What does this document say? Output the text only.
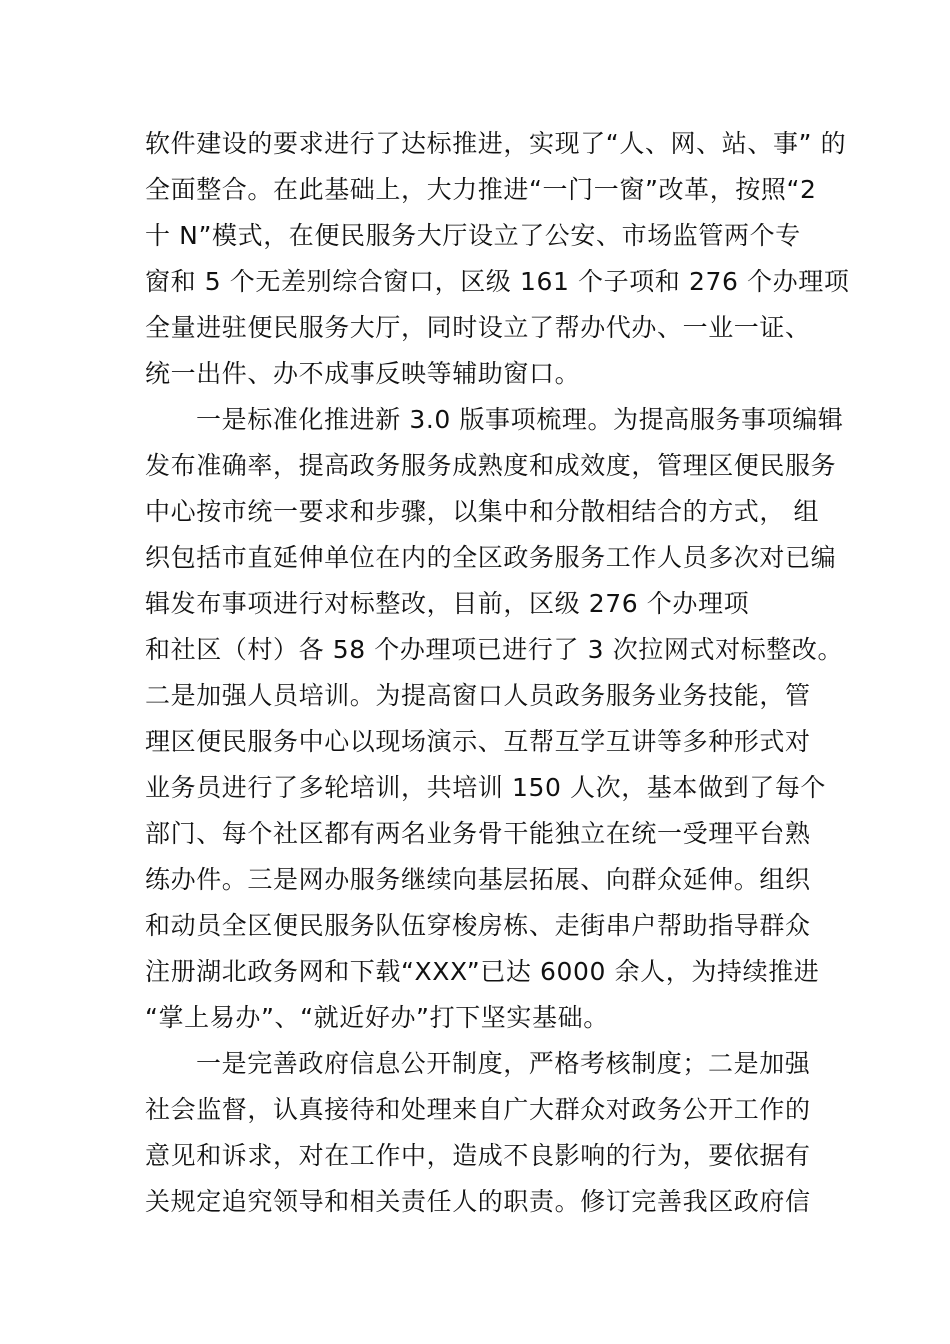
软件建设的要求进行了达标推进，实现了“人、网、站、事” 的
全面整合。在此基础上，大力推进“一门一窗”改革，按照“2
十 N”模式，在便民服务大厅设立了公安、市场监管两个专
窗和 5 个无差别综合窗口，区级 161 个子项和 276 个办理项
全量进驻便民服务大厅，同时设立了帮办代办、一业一证、
统一出件、办不成事反映等辅助窗口。
一是标准化推进新 3.0 版事项梳理。为提高服务事项编辑
发布准确率，提高政务服务成熟度和成效度，管理区便民服务
中心按市统一要求和步骤，以集中和分散相结合的方式， 组
织包括市直延伸单位在内的全区政务服务工作人员多次对已编
辑发布事项进行对标整改，目前，区级 276 个办理项
和社区（村）各 58 个办理项已进行了 3 次拉网式对标整改。
二是加强人员培训。为提高窗口人员政务服务业务技能，管
理区便民服务中心以现场演示、互帮互学互讲等多种形式对
业务员进行了多轮培训，共培训 150 人次，基本做到了每个
部门、每个社区都有两名业务骨干能独立在统一受理平台熟
练办件。三是网办服务继续向基层拓展、向群众延伸。组织
和动员全区便民服务队伍穿梭房栋、走街串户帮助指导群众
注册湖北政务网和下载“XXX”已达 6000 余人，为持续推进
“掌上易办”、“就近好办”打下坚实基础。
一是完善政府信息公开制度，严格考核制度；二是加强
社会监督，认真接待和处理来自广大群众对政务公开工作的
意见和诉求，对在工作中，造成不良影响的行为，要依据有
关规定追究领导和相关责任人的职责。修订完善我区政府信
